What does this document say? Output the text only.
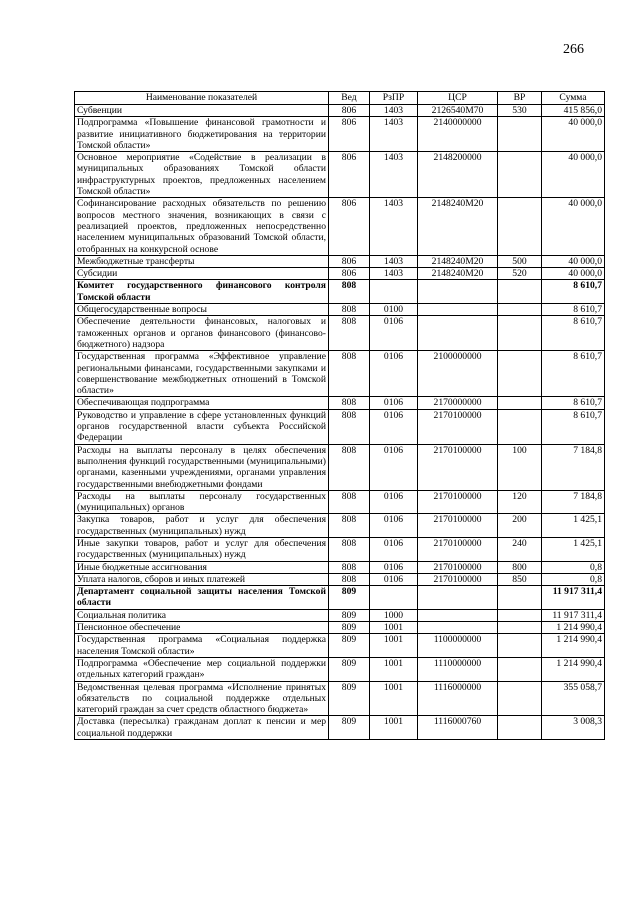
266
Наименование показателей	Вед	РзПР	ЦСР	ВР	Сумма
Субвенции	806	1403	2126540М70	530	415 856,0
Подпрограмма «Повышение финансовой грамотности и развитие инициативного бюджетирования на территории Томской области»	806	1403	2140000000		40 000,0
Основное мероприятие «Содействие в реализации в муниципальных образованиях Томской области инфраструктурных проектов, предложенных населением Томской области»	806	1403	2148200000		40 000,0
Софинансирование расходных обязательств по решению вопросов местного значения, возникающих в связи с реализацией проектов, предложенных непосредственно населением муниципальных образований Томской области, отобранных на конкурсной основе	806	1403	2148240М20		40 000,0
Межбюджетные трансферты	806	1403	2148240М20	500	40 000,0
Субсидии	806	1403	2148240М20	520	40 000,0
Комитет государственного финансового контроля Томской области	808				8 610,7
Общегосударственные вопросы	808	0100			8 610,7
Обеспечение деятельности финансовых, налоговых и таможенных органов и органов финансового (финансово-бюджетного) надзора	808	0106			8 610,7
Государственная программа «Эффективное управление региональными финансами, государственными закупками и совершенствование межбюджетных отношений в Томской области»	808	0106	2100000000		8 610,7
Обеспечивающая подпрограмма	808	0106	2170000000		8 610,7
Руководство и управление в сфере установленных функций органов государственной власти субъекта Российской Федерации	808	0106	2170100000		8 610,7
Расходы на выплаты персоналу в целях обеспечения выполнения функций государственными (муниципальными) органами, казенными учреждениями, органами управления государственными внебюджетными фондами	808	0106	2170100000	100	7 184,8
Расходы на выплаты персоналу государственных (муниципальных) органов	808	0106	2170100000	120	7 184,8
Закупка товаров, работ и услуг для обеспечения государственных (муниципальных) нужд	808	0106	2170100000	200	1 425,1
Иные закупки товаров, работ и услуг для обеспечения государственных (муниципальных) нужд	808	0106	2170100000	240	1 425,1
Иные бюджетные ассигнования	808	0106	2170100000	800	0,8
Уплата налогов, сборов и иных платежей	808	0106	2170100000	850	0,8
Департамент социальной защиты населения Томской области	809				11 917 311,4
Социальная политика	809	1000			11 917 311,4
Пенсионное обеспечение	809	1001			1 214 990,4
Государственная программа «Социальная поддержка населения Томской области»	809	1001	1100000000		1 214 990,4
Подпрограмма «Обеспечение мер социальной поддержки отдельных категорий граждан»	809	1001	1110000000		1 214 990,4
Ведомственная целевая программа «Исполнение принятых обязательств по социальной поддержке отдельных категорий граждан за счет средств областного бюджета»	809	1001	1116000000		355 058,7
Доставка (пересылка) гражданам доплат к пенсии и мер социальной поддержки	809	1001	1116000760		3 008,3
